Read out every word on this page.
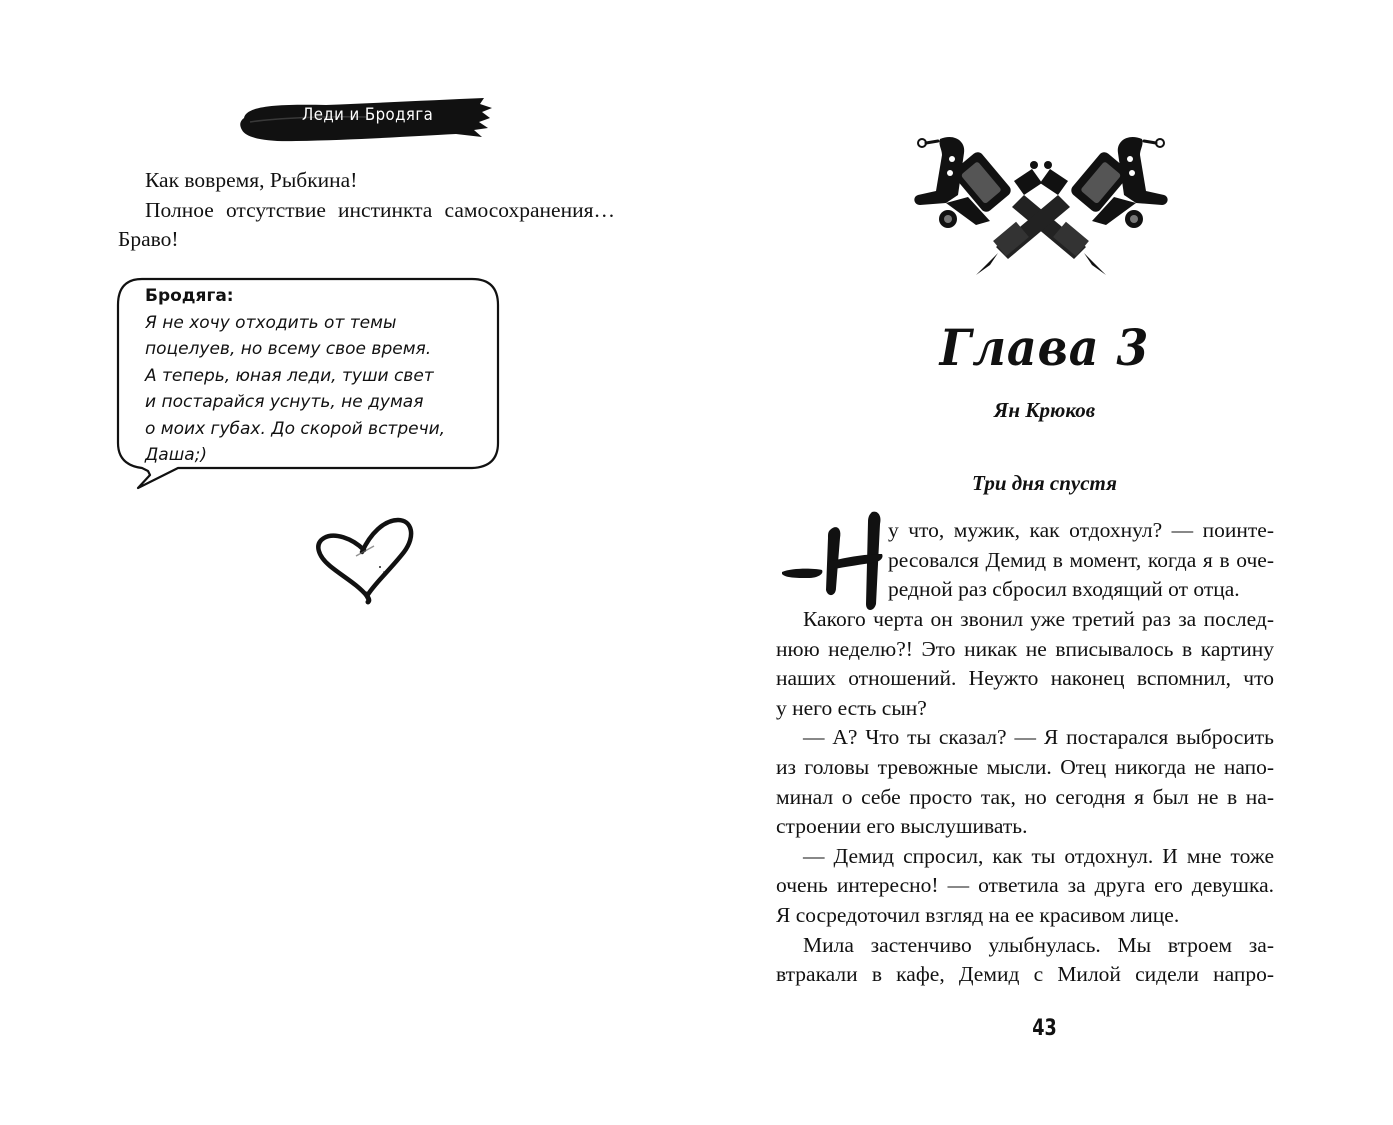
Леди и Бродяга

Как вовремя, Рыбкина!

Полное отсутствие инстинкта самосохранения…

Браво!

Бродяга:
Я не хочу отходить от темы
поцелуев, но всему свое время.
А теперь, юная леди, туши свет
и постарайся уснуть, не думая
о моих губах. До скорой встречи,
Даша;)
Глава 3
Ян Крюков
Три дня спустя
у что, мужик, как отдохнул? — поинте-
ресовался Демид в момент, когда я в оче-
редной раз сбросил входящий от отца.
Какого черта он звонил уже третий раз за послед-
нюю неделю?! Это никак не вписывалось в картину
наших отношений. Неужто наконец вспомнил, что
у него есть сын?
— А? Что ты сказал? — Я постарался выбросить
из головы тревожные мысли. Отец никогда не напо-
минал о себе просто так, но сегодня я был не в на-
строении его выслушивать.
— Демид спросил, как ты отдохнул. И мне тоже
очень интересно! — ответила за друга его девушка.
Я сосредоточил взгляд на ее красивом лице.
Мила застенчиво улыбнулась. Мы втроем за-
втракали в кафе, Демид с Милой сидели напро-
43
